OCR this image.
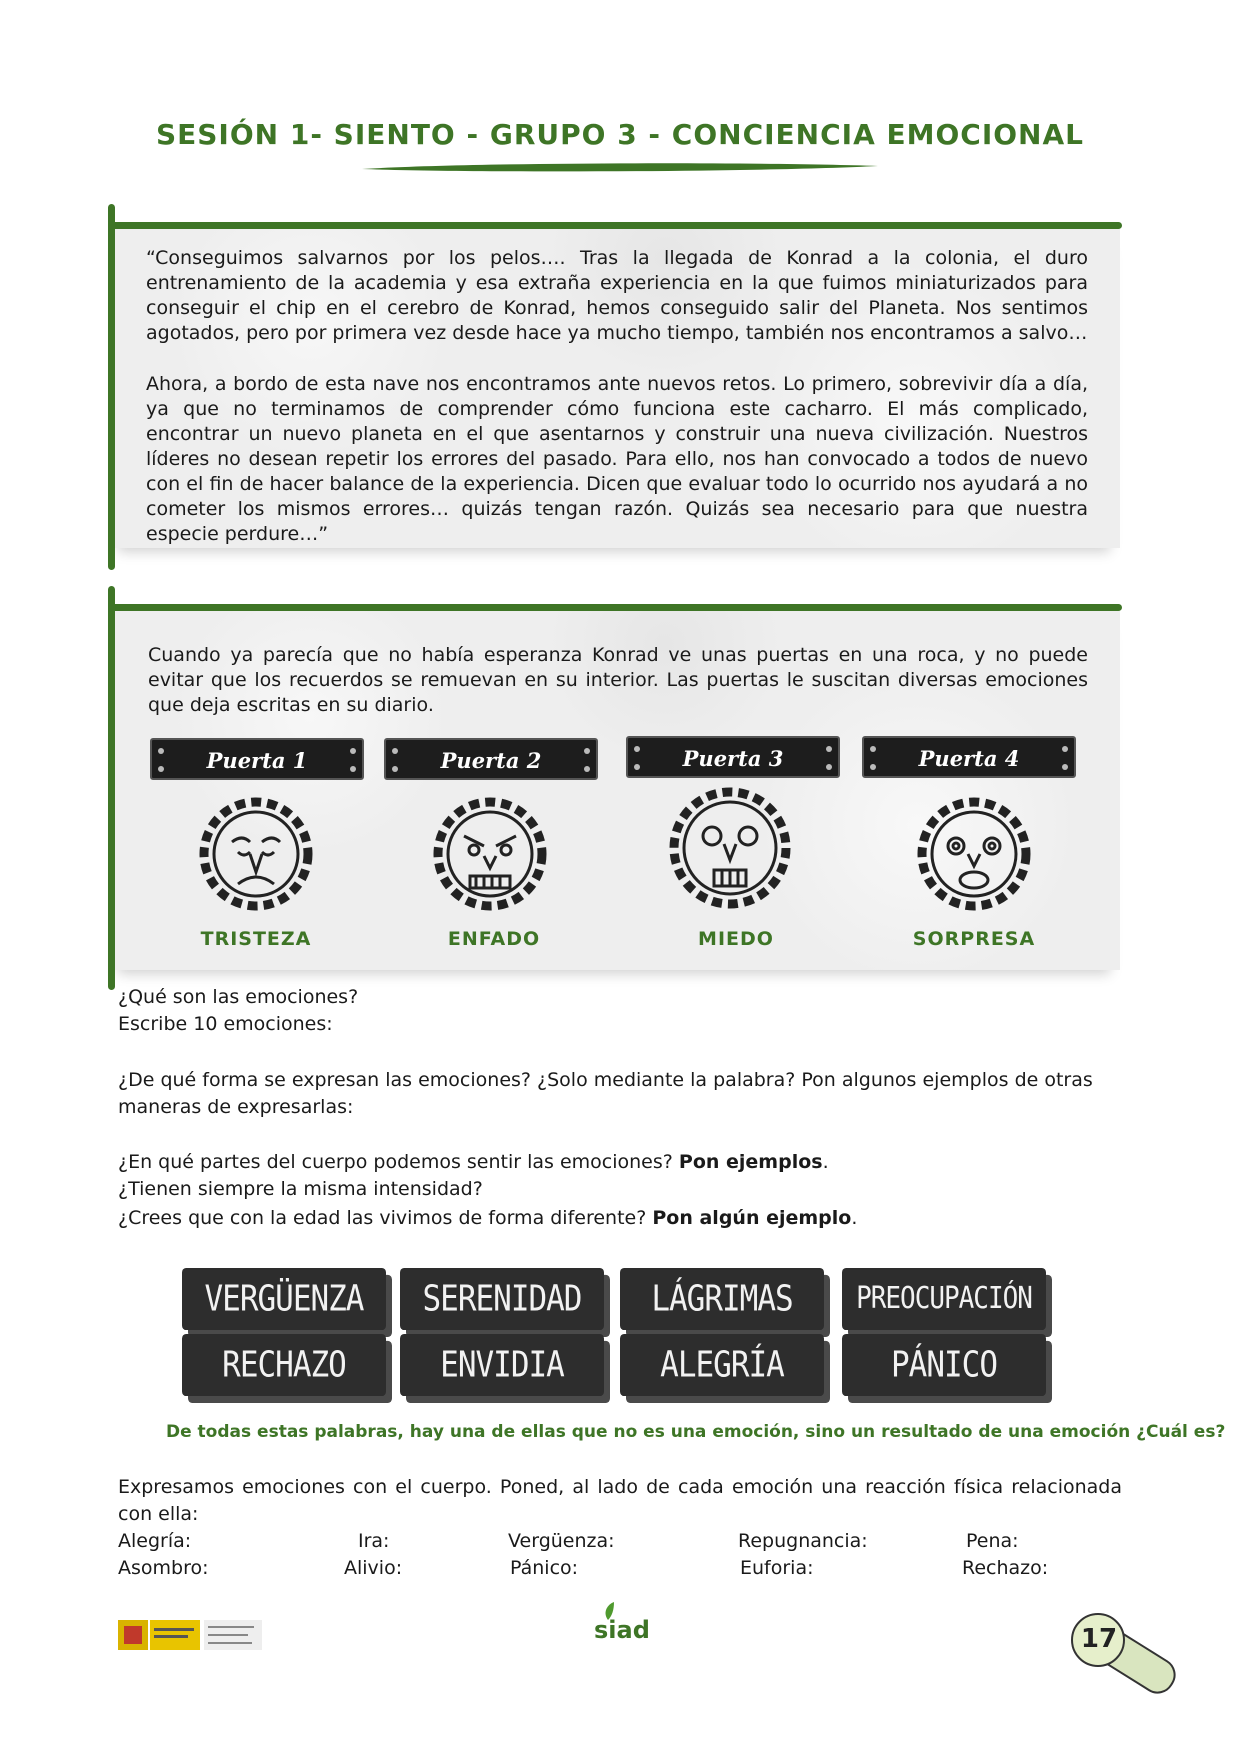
SESIÓN 1- SIENTO - GRUPO 3 - CONCIENCIA EMOCIONAL
“Conseguimos salvarnos por los pelos…. Tras la llegada de Konrad a la colonia, el duro entrenamiento de la academia y esa extraña experiencia en la que fuimos miniaturizados para conseguir el chip en el cerebro de Konrad, hemos conseguido salir del Planeta. Nos sentimos agotados, pero por primera vez desde hace ya mucho tiempo, también nos encontramos a salvo…
Ahora, a bordo de esta nave nos encontramos ante nuevos retos. Lo primero, sobrevivir día a día, ya que no terminamos de comprender cómo funciona este cacharro. El más complicado, encontrar un nuevo planeta en el que asentarnos y construir una nueva civilización. Nuestros líderes no desean repetir los errores del pasado. Para ello, nos han convocado a todos de nuevo con el fin de hacer balance de la experiencia. Dicen que evaluar todo lo ocurrido nos ayudará a no cometer los mismos errores… quizás tengan razón. Quizás sea necesario para que nuestra especie perdure…”
Cuando ya parecía que no había esperanza Konrad ve unas puertas en una roca, y no puede evitar que los recuerdos se remuevan en su interior. Las puertas le suscitan diversas emociones que deja escritas en su diario.
Puerta 1	Puerta 2	Puerta 3	Puerta 4
TRISTEZA	ENFADO	MIEDO	SORPRESA
¿Qué son las emociones?
Escribe 10 emociones:
¿De qué forma se expresan las emociones? ¿Solo mediante la palabra? Pon algunos ejemplos de otras maneras de expresarlas:
¿En qué partes del cuerpo podemos sentir las emociones? Pon ejemplos.
¿Tienen siempre la misma intensidad?
¿Crees que con la edad las vivimos de forma diferente? Pon algún ejemplo.
VERGÜENZA	SERENIDAD	LÁGRIMAS	PREOCUPACIÓN
RECHAZO	ENVIDIA	ALEGRÍA	PÁNICO
De todas estas palabras, hay una de ellas que no es una emoción, sino un resultado de una emoción ¿Cuál es?
Expresamos emociones con el cuerpo. Poned, al lado de cada emoción una reacción física relacionada con ella:
Alegría:	Ira:	Vergüenza:	Repugnancia:	Pena:
Asombro:	Alivio:	Pánico:	Euforia:	Rechazo:
siad	17
